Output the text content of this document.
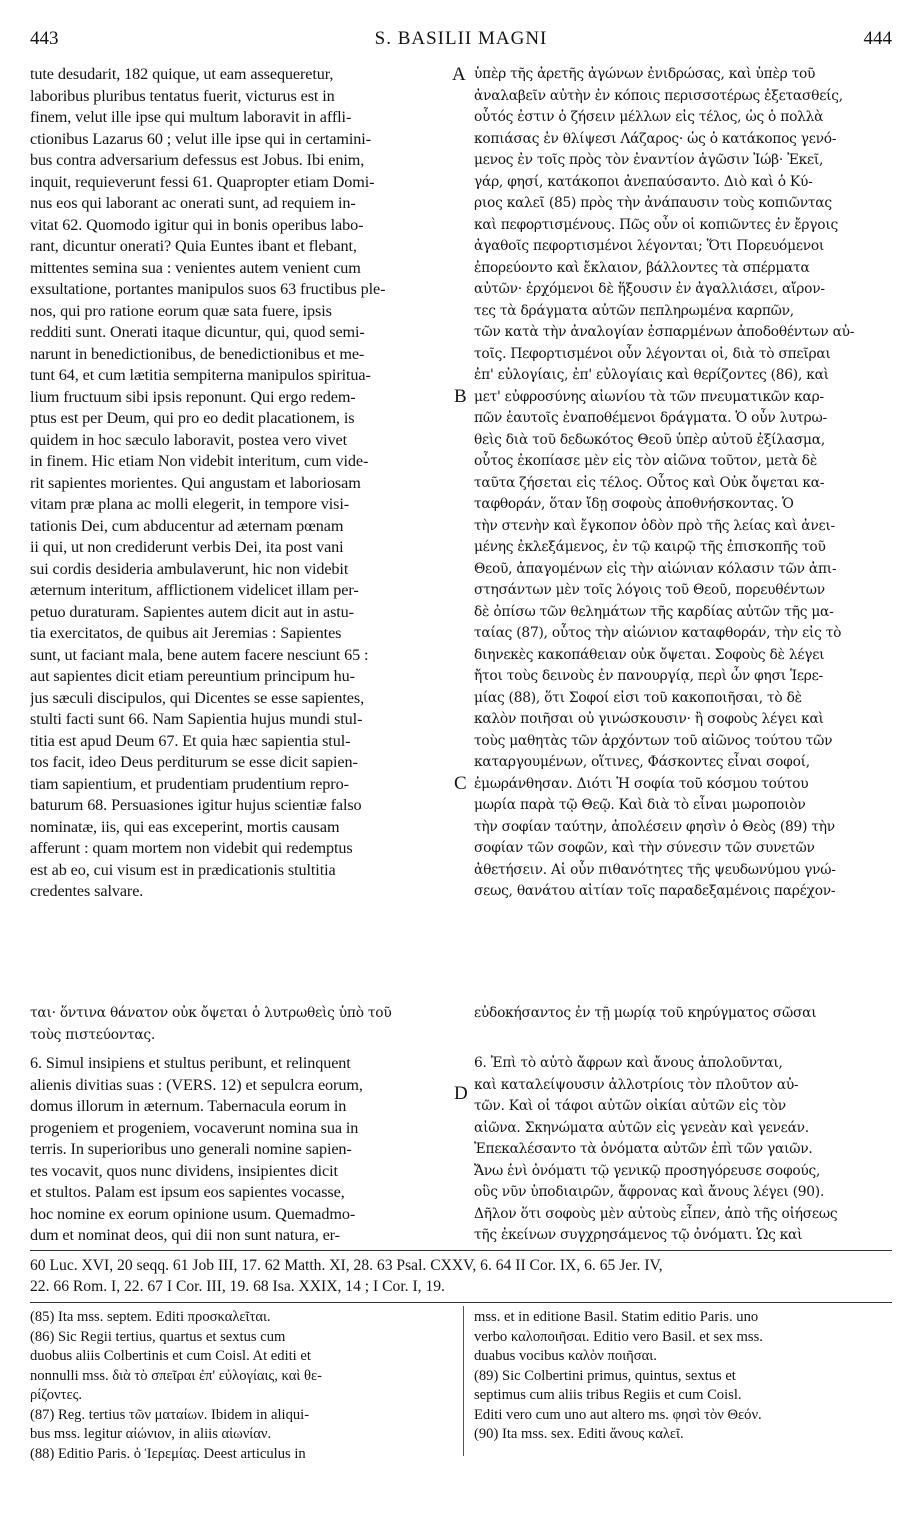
443	S. BASILII MAGNI	444
tute desudarit, 182 quique, ut eam assequeretur,
laboribus pluribus tentatus fuerit, victurus est in
finem, velut ille ipse qui multum laboravit in affli-
ctionibus Lazarus 60 ; velut ille ipse qui in certamini-
bus contra adversarium defessus est Jobus. Ibi enim,
inquit, requieverunt fessi 61. Quapropter etiam Domi-
nus eos qui laborant ac onerati sunt, ad requiem in-
vitat 62. Quomodo igitur qui in bonis operibus labo-
rant, dicuntur onerati? Quia Euntes ibant et flebant,
mittentes semina sua : venientes autem venient cum
exsultatione, portantes manipulos suos 63 fructibus ple-
nos, qui pro ratione eorum quæ sata fuere, ipsis
redditi sunt. Onerati itaque dicuntur, qui, quod semi-
narunt in benedictionibus, de benedictionibus et me-
tunt 64, et cum lætitia sempiterna manipulos spiritua-
lium fructuum sibi ipsis reponunt. Qui ergo redem-
ptus est per Deum, qui pro eo dedit placationem, is
quidem in hoc sæculo laboravit, postea vero vivet
in finem. Hic etiam Non videbit interitum, cum vide-
rit sapientes morientes. Qui angustam et laboriosam
vitam præ plana ac molli elegerit, in tempore visi-
tationis Dei, cum abducentur ad æternam pœnam
ii qui, ut non crediderunt verbis Dei, ita post vani
sui cordis desideria ambulaverunt, hic non videbit
æternum interitum, afflictionem videlicet illam per-
petuo duraturam. Sapientes autem dicit aut in astu-
tia exercitatos, de quibus ait Jeremias : Sapientes
sunt, ut faciant mala, bene autem facere nesciunt 65 :
aut sapientes dicit etiam pereuntium principum hu-
jus sæculi discipulos, qui Dicentes se esse sapientes,
stulti facti sunt 66. Nam Sapientia hujus mundi stul-
titia est apud Deum 67. Et quia hæc sapientia stul-
tos facit, ideo Deus perditurum se esse dicit sapien-
tiam sapientium, et prudentiam prudentium repro-
baturum 68. Persuasiones igitur hujus scientiæ falso
nominatæ, iis, qui eas exceperint, mortis causam
afferunt : quam mortem non videbit qui redemptus
est ab eo, cui visum est in prædicationis stultitia
credentes salvare.
ὑπὲρ τῆς ἀρετῆς ἀγώνων ἐνιδρώσας, καὶ ὑπὲρ τοῦ
ἀναλαβεῖν αὐτὴν ἐν κόποις περισσοτέρως ἐξετασθείς,
οὗτός ἐστιν ὁ ζήσειν μέλλων εἰς τέλος, ὡς ὁ πολλὰ
κοπιάσας ἐν θλίψεσι Λάζαρος· ὡς ὁ κατάκοπος γενό-
μενος ἐν τοῖς πρὸς τὸν ἐναντίον ἀγῶσιν Ἰώβ· Ἐκεῖ,
γάρ, φησί, κατάκοποι ἀνεπαύσαντο. Διὸ καὶ ὁ Κύ-
ριος καλεῖ (85) πρὸς τὴν ἀνάπαυσιν τοὺς κοπιῶντας
καὶ πεφορτισμένους. Πῶς οὖν οἱ κοπιῶντες ἐν ἔργοις
ἀγαθοῖς πεφορτισμένοι λέγονται; Ὅτι Πορευόμενοι
ἐπορεύοντο καὶ ἔκλαιον, βάλλοντες τὰ σπέρματα
αὐτῶν· ἐρχόμενοι δὲ ἥξουσιν ἐν ἀγαλλιάσει, αἴρον-
τες τὰ δράγματα αὐτῶν πεπληρωμένα καρπῶν,
τῶν κατὰ τὴν ἀναλογίαν ἐσπαρμένων ἀποδοθέντων αὐ-
τοῖς. Πεφορτισμένοι οὖν λέγονται οἱ, διὰ τὸ σπεῖραι
ἐπ' εὐλογίαις, ἐπ' εὐλογίαις καὶ θερίζοντες (86), καὶ
μετ' εὐφροσύνης αἰωνίου τὰ τῶν πνευματικῶν καρ-
πῶν ἑαυτοῖς ἐναποθέμενοι δράγματα. Ὁ οὖν λυτρω-
θεὶς διὰ τοῦ δεδωκότος Θεοῦ ὑπὲρ αὐτοῦ ἐξίλασμα,
οὗτος ἐκοπίασε μὲν εἰς τὸν αἰῶνα τοῦτον, μετὰ δὲ
ταῦτα ζήσεται εἰς τέλος. Οὗτος καὶ Οὐκ ὄψεται κα-
ταφθοράν, ὅταν ἴδῃ σοφοὺς ἀποθνήσκοντας. Ὁ
τὴν στενὴν καὶ ἔγκοπον ὁδὸν πρὸ τῆς λείας καὶ ἀνει-
μένης ἐκλεξάμενος, ἐν τῷ καιρῷ τῆς ἐπισκοπῆς τοῦ
Θεοῦ, ἀπαγομένων εἰς τὴν αἰώνιαν κόλασιν τῶν ἀπι-
στησάντων μὲν τοῖς λόγοις τοῦ Θεοῦ, πορευθέντων
δὲ ὀπίσω τῶν θελημάτων τῆς καρδίας αὐτῶν τῆς μα-
ταίας (87), οὗτος τὴν αἰώνιον καταφθοράν, τὴν εἰς τὸ
διηνεκὲς κακοπάθειαν οὐκ ὄψεται. Σοφοὺς δὲ λέγει
ἤτοι τοὺς δεινοὺς ἐν πανουργίᾳ, περὶ ὧν φησι Ἱερε-
μίας (88), ὅτι Σοφοί εἰσι τοῦ κακοποιῆσαι, τὸ δὲ
καλὸν ποιῆσαι οὐ γινώσκουσιν· ἢ σοφοὺς λέγει καὶ
τοὺς μαθητὰς τῶν ἀρχόντων τοῦ αἰῶνος τούτου τῶν
καταργουμένων, οἵτινες, Φάσκοντες εἶναι σοφοί,
ἐμωράνθησαν. Διότι Ἡ σοφία τοῦ κόσμου τούτου
μωρία παρὰ τῷ Θεῷ. Καὶ διὰ τὸ εἶναι μωροποιὸν
τὴν σοφίαν ταύτην, ἀπολέσειν φησὶν ὁ Θεὸς (89) τὴν
σοφίαν τῶν σοφῶν, καὶ τὴν σύνεσιν τῶν συνετῶν
ἀθετήσειν. Αἱ οὖν πιθανότητες τῆς ψευδωνύμου γνώ-
σεως, θανάτου αἰτίαν τοῖς παραδεξαμένοις παρέχον-
A
B
C
D
ται· ὅντινα θάνατον οὐκ ὄψεται ὁ λυτρωθεὶς ὑπὸ τοῦ
τοὺς πιστεύοντας.
εὐδοκήσαντος ἐν τῇ μωρίᾳ τοῦ κηρύγματος σῶσαι
6. Simul insipiens et stultus peribunt, et relinquent
alienis divitias suas : (VERS. 12) et sepulcra eorum,
domus illorum in æternum. Tabernacula eorum in
progeniem et progeniem, vocaverunt nomina sua in
terris. In superioribus uno generali nomine sapien-
tes vocavit, quos nunc dividens, insipientes dicit
et stultos. Palam est ipsum eos sapientes vocasse,
hoc nomine ex eorum opinione usum. Quemadmo-
dum et nominat deos, qui dii non sunt natura, er-
6. Ἐπὶ τὸ αὐτὸ ἄφρων καὶ ἄνους ἀπολοῦνται,
καὶ καταλείψουσιν ἀλλοτρίοις τὸν πλοῦτον αὐ-
τῶν. Καὶ οἱ τάφοι αὐτῶν οἰκίαι αὐτῶν εἰς τὸν
αἰῶνα. Σκηνώματα αὐτῶν εἰς γενεὰν καὶ γενεάν.
Ἐπεκαλέσαντο τὰ ὀνόματα αὐτῶν ἐπὶ τῶν γαιῶν.
Ἄνω ἑνὶ ὀνόματι τῷ γενικῷ προσηγόρευσε σοφούς,
οὓς νῦν ὑποδιαιρῶν, ἄφρονας καὶ ἄνους λέγει (90).
Δῆλον ὅτι σοφοὺς μὲν αὐτοὺς εἶπεν, ἀπὸ τῆς οἰήσεως
τῆς ἐκείνων συγχρησάμενος τῷ ὀνόματι. Ὡς καὶ
60 Luc. XVI, 20 seqq. 61 Job III, 17. 62 Matth. XI, 28. 63 Psal. CXXV, 6. 64 II Cor. IX, 6. 65 Jer. IV,
22. 66 Rom. I, 22. 67 I Cor. III, 19. 68 Isa. XXIX, 14 ; I Cor. I, 19.
(85) Ita mss. septem. Editi προσκαλεῖται.
(86) Sic Regii tertius, quartus et sextus cum
duobus aliis Colbertinis et cum Coisl. At editi et
nonnulli mss. διὰ τὸ σπεῖραι ἐπ' εὐλογίαις, καὶ θε-
ρίζοντες.
(87) Reg. tertius τῶν ματαίων. Ibidem in aliqui-
bus mss. legitur αἰώνιον, in aliis αἰωνίαν.
(88) Editio Paris. ὁ Ἱερεμίας. Deest articulus in
mss. et in editione Basil. Statim editio Paris. uno
verbo καλοποιῆσαι. Editio vero Basil. et sex mss.
duabus vocibus καλὸν ποιῆσαι.
(89) Sic Colbertini primus, quintus, sextus et
septimus cum aliis tribus Regiis et cum Coisl.
Editi vero cum uno aut altero ms. φησὶ τὸν Θεόν.
(90) Ita mss. sex. Editi ἄνους καλεῖ.
